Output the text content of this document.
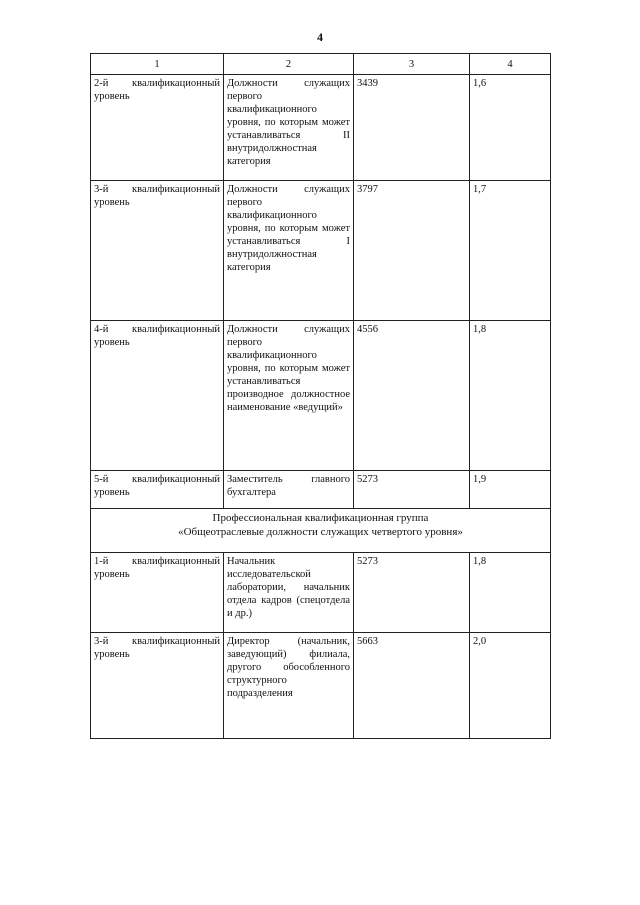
4
1	2	3	4
2-й квалификационный уровень	Должности служащих первого квалификационного уровня, по которым может устанавливаться II внутридолжностная категория	3439	1,6
3-й квалификационный уровень	Должности служащих первого квалификационного уровня, по которым может устанавливаться I внутридолжностная категория	3797	1,7
4-й квалификационный уровень	Должности служащих первого квалификационного уровня, по которым может устанавливаться производное должностное наименование «ведущий»	4556	1,8
5-й квалификационный уровень	Заместитель главного бухгалтера	5273	1,9

Профессиональная квалификационная группа
«Общеотраслевые должности служащих четвертого уровня»			

1-й квалификационный уровень	Начальник исследовательской лаборатории, начальник отдела кадров (спецотдела и др.)	5273	1,8
3-й квалификационный уровень	Директор (начальник, заведующий) филиала, другого обособленного структурного подразделения	5663	2,0
